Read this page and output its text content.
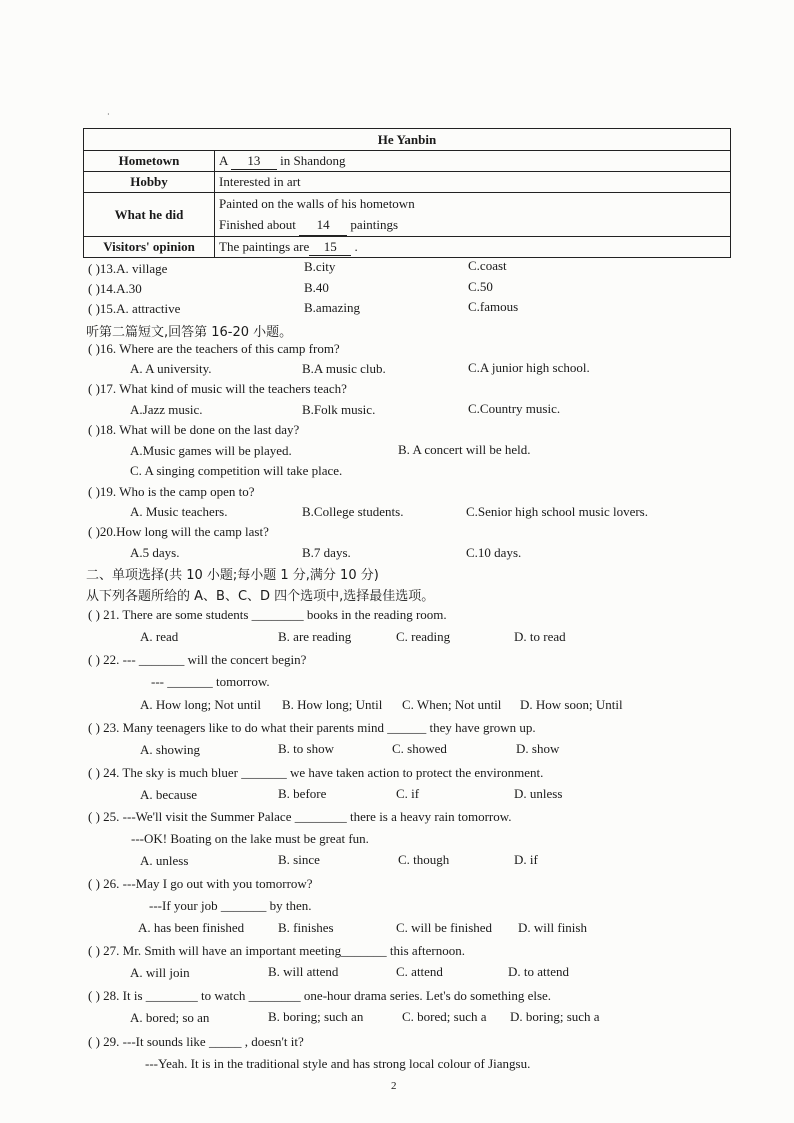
·
He Yanbin	
Hometown	A 13 in Shandong
Hobby	Interested in art
What he did	Painted on the walls of his hometown
Finished about 14 paintings

Visitors' opinion	The paintings are 15 .
( )13.A. village	B.city	C.coast
( )14.A.30	B.40	C.50
( )15.A. attractive	B.amazing	C.famous
听第二篇短文,回答第 16-20 小题。
( )16. Where are the teachers of this camp from?
A. A university.	B.A music club.	C.A junior high school.
( )17. What kind of music will the teachers teach?
A.Jazz music.	B.Folk music.	C.Country music.
( )18. What will be done on the last day?
A.Music games will be played.	B. A concert will be held.
C. A singing competition will take place.
( )19. Who is the camp open to?
A. Music teachers.	B.College students.	C.Senior high school music lovers.
( )20.How long will the camp last?
A.5 days.	B.7 days.	C.10 days.
二、单项选择(共 10 小题;每小题 1 分,满分 10 分)
从下列各题所给的 A、B、C、D 四个选项中,选择最佳选项。
( ) 21. There are some students ________ books in the reading room.
A. read	B. are reading	C. reading	D. to read
( ) 22. --- _______ will the concert begin?
--- _______ tomorrow.
A. How long; Not until B. How long; Until C. When; Not until D. How soon; Until
( ) 23. Many teenagers like to do what their parents mind ______ they have grown up.
A. showing	B. to show	C. showed	D. show
( ) 24. The sky is much bluer _______ we have taken action to protect the environment.
A. because	B. before	C. if	D. unless
( ) 25. ---We'll visit the Summer Palace ________ there is a heavy rain tomorrow.
---OK! Boating on the lake must be great fun.
A. unless	B. since	C. though	D. if
( ) 26. ---May I go out with you tomorrow?
---If your job _______ by then.
A. has been finished	B. finishes	C. will be finished D. will finish
( ) 27. Mr. Smith will have an important meeting_______ this afternoon.
A. will join	B. will attend	C. attend	D. to attend
( ) 28. It is ________ to watch ________ one-hour drama series. Let's do something else.
A. bored; so an	B. boring; such an	C. bored; such a D. boring; such a
( ) 29. ---It sounds like _____ , doesn't it?
---Yeah. It is in the traditional style and has strong local colour of Jiangsu.
2
